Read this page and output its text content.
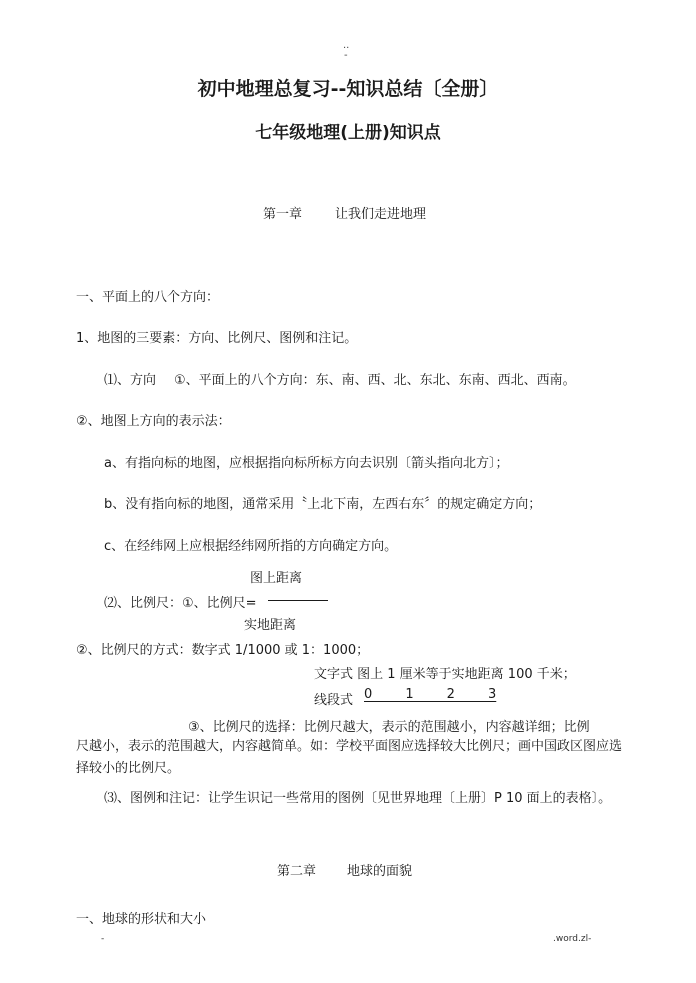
..
-
初中地理总复习--知识总结〔全册〕
七年级地理(上册)知识点
第一章	让我们走进地理
一、平面上的八个方向：
1、地图的三要素：方向、比例尺、图例和注记。
⑴、方向 ①、平面上的八个方向：东、南、西、北、东北、东南、西北、西南。
②、地图上方向的表示法：
a、有指向标的地图，应根据指向标所标方向去识别〔箭头指向北方〕；
b、没有指向标的地图，通常采用〝上北下南，左西右东〞的规定确定方向；
c、在经纬网上应根据经纬网所指的方向确定方向。
图上距离
⑵、比例尺：①、比例尺=
实地距离
②、比例尺的方式：数字式 1/1000 或 1：1000；
文字式 图上 1 厘米等于实地距离 100 千米；
线段式 0        1        2        3
③、比例尺的选择：比例尺越大，表示的范围越小，内容越详细；比例
尺越小，表示的范围越大，内容越简单。如：学校平面图应选择较大比例尺；画中国政区图应选择较小的比例尺。
⑶、图例和注记：让学生识记一些常用的图例〔见世界地理〔上册〕P 10 面上的表格〕。
第二章 地球的面貌
一、地球的形状和大小
-	.word.zl-
